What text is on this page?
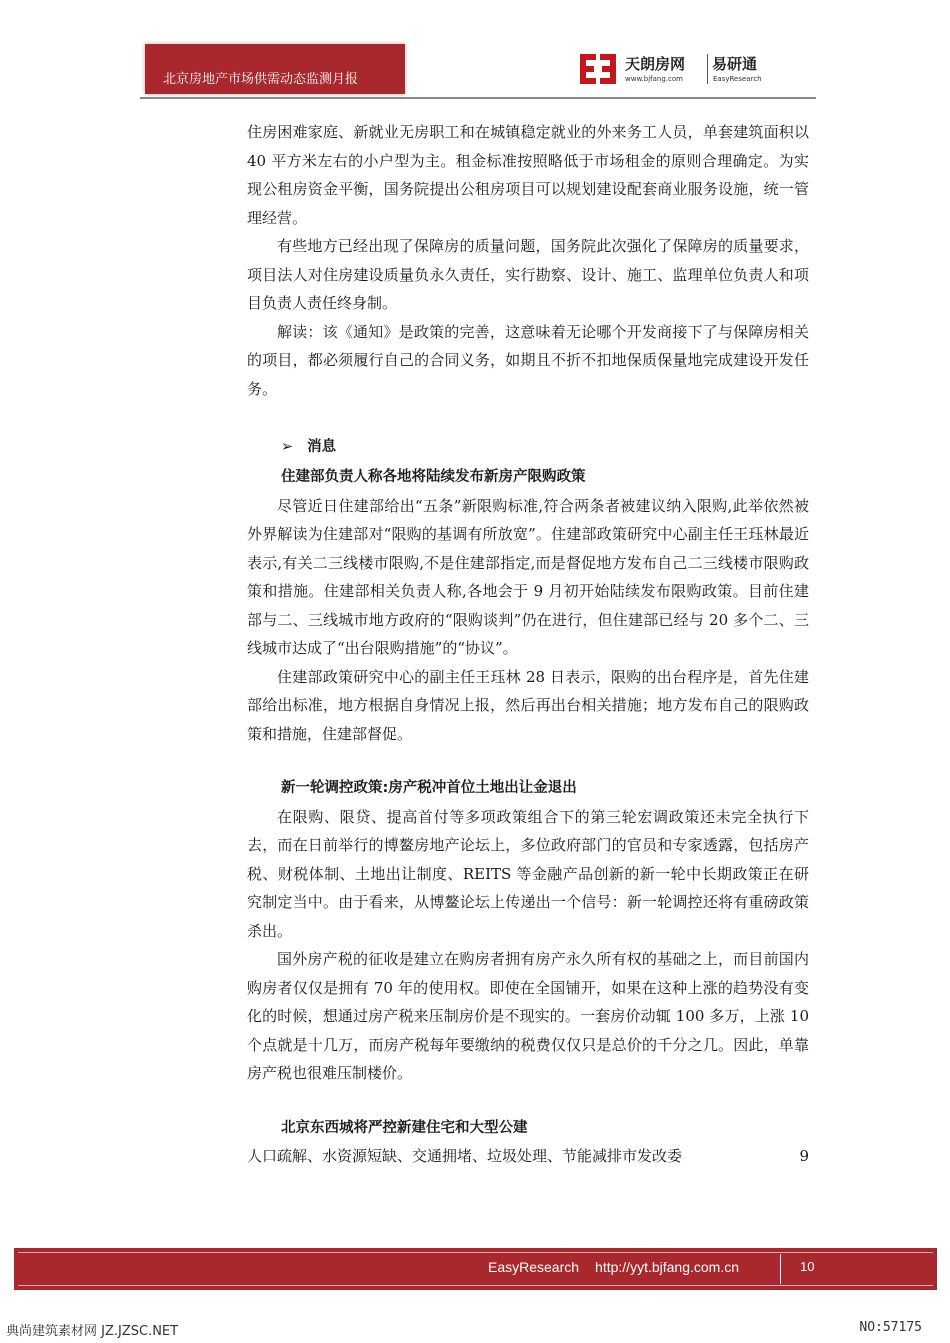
北京房地产市场供需动态监测月报
天朗房网
www.bjfang.com
易研通
EasyResearch

住房困难家庭、新就业无房职工和在城镇稳定就业的外来务工人员，单套建筑面积以 40 平方米左右的小户型为主。租金标准按照略低于市场租金的原则合理确定。为实现公租房资金平衡，国务院提出公租房项目可以规划建设配套商业服务设施，统一管理经营。

有些地方已经出现了保障房的质量问题，国务院此次强化了保障房的质量要求，项目法人对住房建设质量负永久责任，实行勘察、设计、施工、监理单位负责人和项目负责人责任终身制。

解读：该《通知》是政策的完善，这意味着无论哪个开发商接下了与保障房相关的项目，都必须履行自己的合同义务，如期且不折不扣地保质保量地完成建设开发任务。

➢ 消息

住建部负责人称各地将陆续发布新房产限购政策

尽管近日住建部给出“五条”新限购标准,符合两条者被建议纳入限购,此举依然被外界解读为住建部对“限购的基调有所放宽”。住建部政策研究中心副主任王珏林最近表示,有关二三线楼市限购,不是住建部指定,而是督促地方发布自己二三线楼市限购政策和措施。住建部相关负责人称,各地会于 9 月初开始陆续发布限购政策。目前住建部与二、三线城市地方政府的“限购谈判”仍在进行，但住建部已经与 20 多个二、三线城市达成了“出台限购措施”的“协议”。

住建部政策研究中心的副主任王珏林 28 日表示，限购的出台程序是，首先住建部给出标准，地方根据自身情况上报，然后再出台相关措施；地方发布自己的限购政策和措施，住建部督促。

新一轮调控政策:房产税冲首位土地出让金退出

在限购、限贷、提高首付等多项政策组合下的第三轮宏调政策还未完全执行下去，而在日前举行的博鳌房地产论坛上，多位政府部门的官员和专家透露，包括房产税、财税体制、土地出让制度、REITS 等金融产品创新的新一轮中长期政策正在研究制定当中。由于看来，从博鳌论坛上传递出一个信号：新一轮调控还将有重磅政策杀出。

国外房产税的征收是建立在购房者拥有房产永久所有权的基础之上，而目前国内购房者仅仅是拥有 70 年的使用权。即使在全国铺开，如果在这种上涨的趋势没有变化的时候，想通过房产税来压制房价是不现实的。一套房价动辄 100 多万，上涨 10 个点就是十几万，而房产税每年要缴纳的税费仅仅只是总价的千分之几。因此，单靠房产税也很难压制楼价。

北京东西城将严控新建住宅和大型公建

人口疏解、水资源短缺、交通拥堵、垃圾处理、节能减排市发改委	9
EasyResearch http://yyt.bjfang.com.cn	10
典尚建筑素材网 JZ.JZSC.NET	NO:57175
